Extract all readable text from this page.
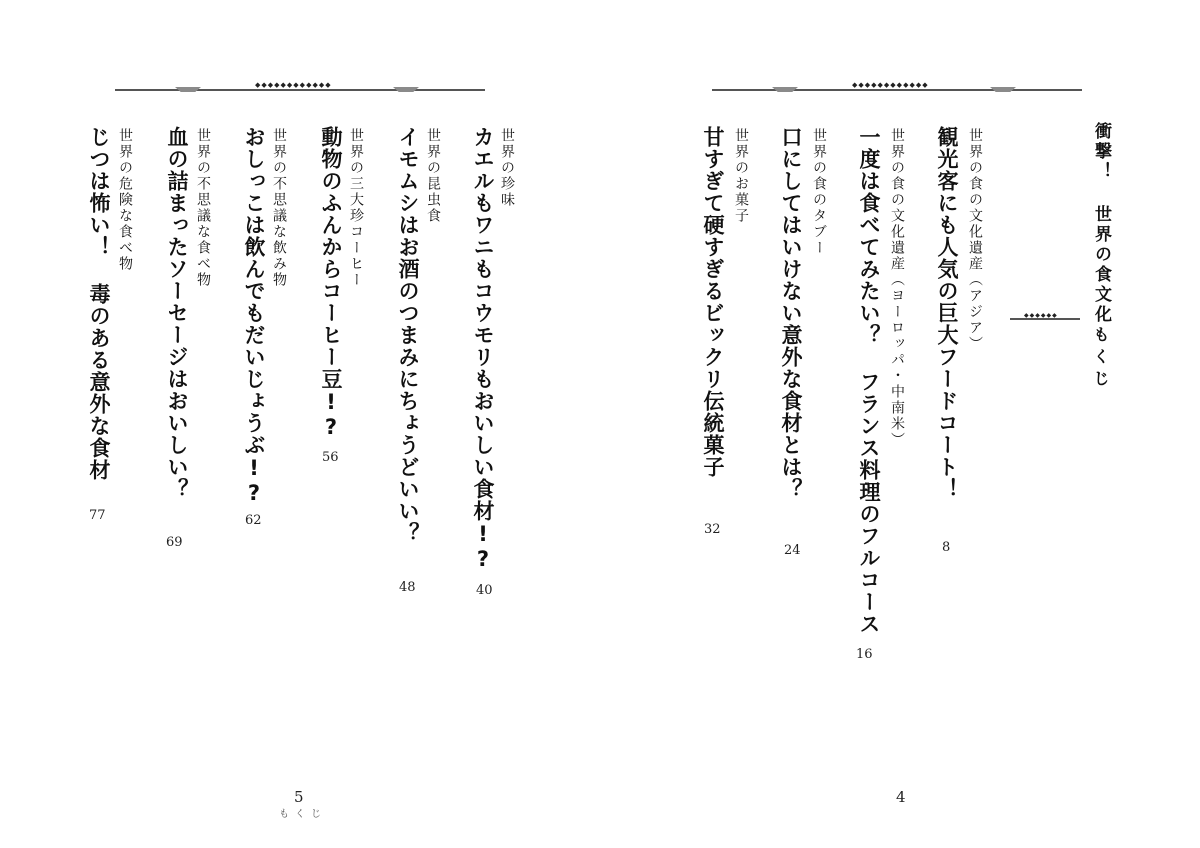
◆◆◆◆◆◆◆◆◆◆◆◆
世界の珍味
カエルもワニもコウモリもおいしい食材!?
40
世界の昆虫食
イモムシはお酒のつまみにちょうどいい？
48
世界の三大珍コーヒー
動物のふんからコーヒー豆!?
56
世界の不思議な飲み物
おしっこは飲んでもだいじょうぶ!?
62
世界の不思議な食べ物
血の詰まったソーセージはおいしい？
69
世界の危険な食べ物
じつは怖い！ 毒のある意外な食材
77
5
もくじ
◆◆◆◆◆◆◆◆◆◆◆◆
衝撃！ 世界の食文化
もくじ
◆◆◆◆◆◆
世界の食の文化遺産（アジア）
観光客にも人気の巨大フードコート！
8
世界の食の文化遺産（ヨーロッパ・中南米）
一度は食べてみたい？ フランス料理のフルコース
16
世界の食のタブー
口にしてはいけない意外な食材とは？
24
世界のお菓子
甘すぎて硬すぎるビックリ伝統菓子
32
4
